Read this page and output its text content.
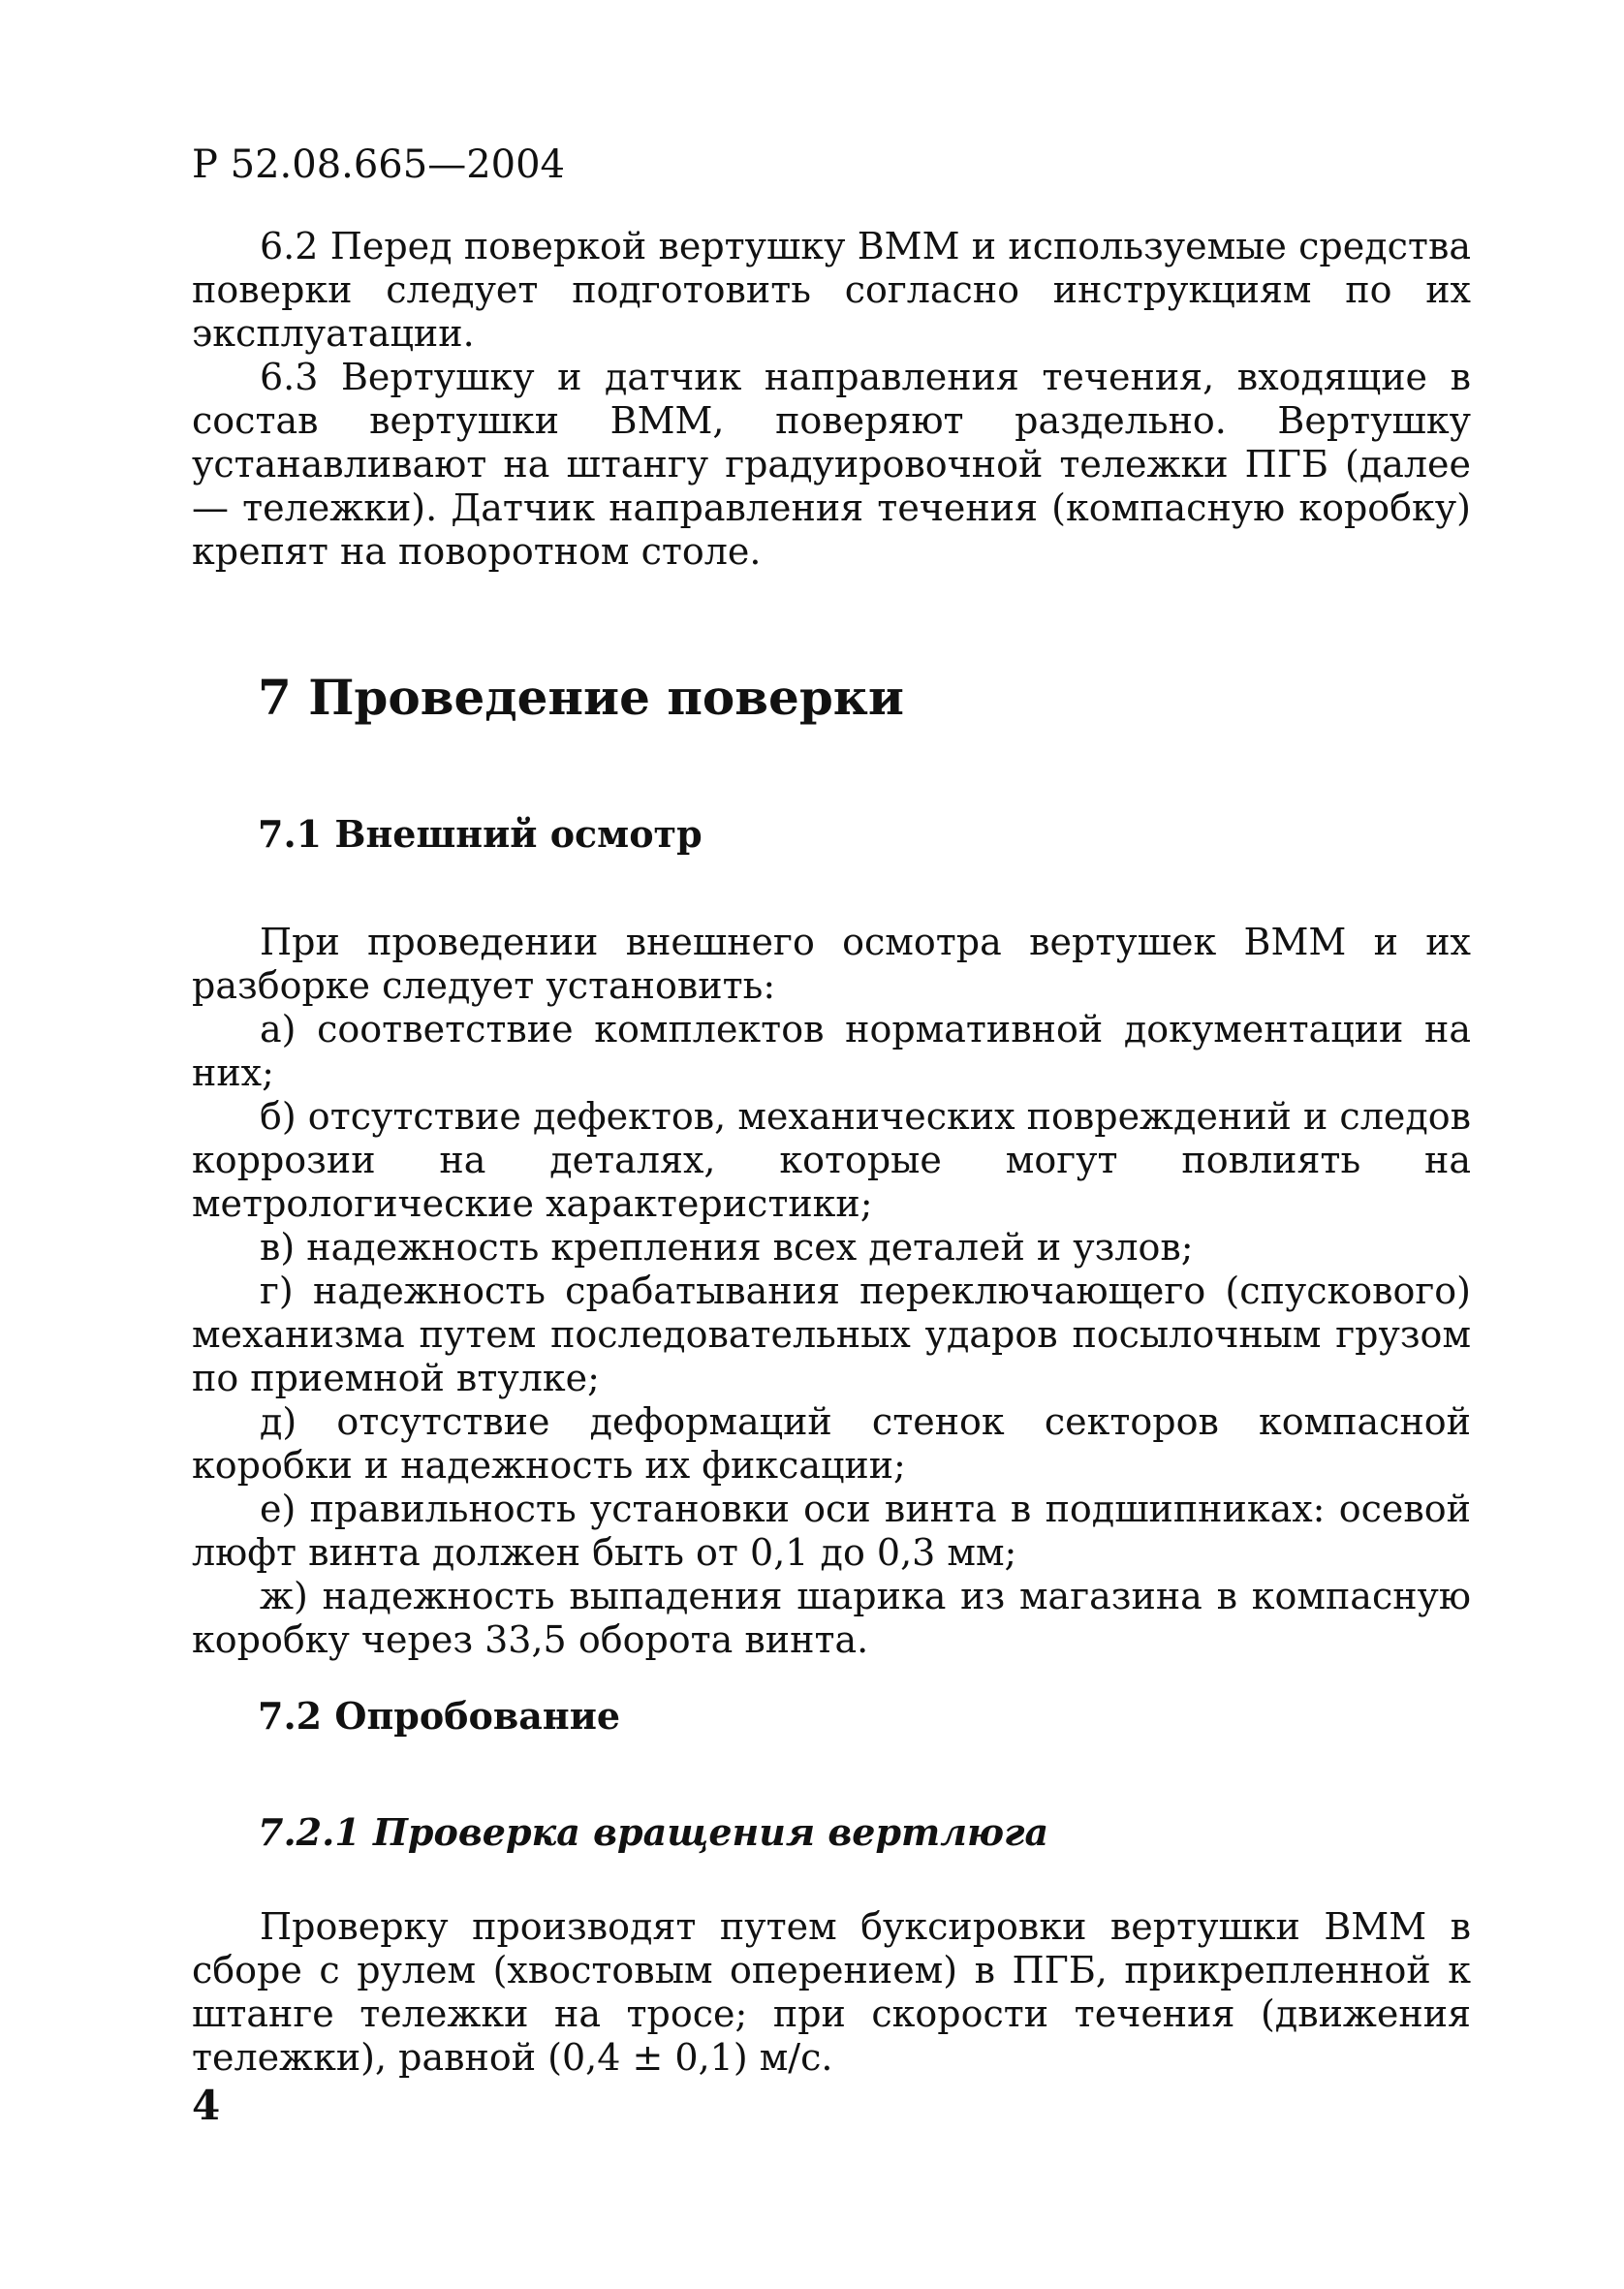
Р 52.08.665—2004

6.2 Перед поверкой вертушку ВММ и используемые средства поверки следует подготовить согласно инструкциям по их эксплуатации.

6.3 Вертушку и датчик направления течения, входящие в состав вертушки ВММ, поверяют раздельно. Вертушку устанавливают на штангу градуировочной тележки ПГБ (далее — тележки). Датчик направления течения (компасную коробку) крепят на поворотном столе.

7 Проведение поверки
7.1 Внешний осмотр

При проведении внешнего осмотра вертушек ВММ и их разборке следует установить:

а) соответствие комплектов нормативной документации на них;

б) отсутствие дефектов, механических повреждений и следов коррозии на деталях, которые могут повлиять на метрологические характеристики;

в) надежность крепления всех деталей и узлов;

г) надежность срабатывания переключающего (спускового) механизма путем последовательных ударов посылочным грузом по приемной втулке;

д) отсутствие деформаций стенок секторов компасной коробки и надежность их фиксации;

е) правильность установки оси винта в подшипниках: осевой люфт винта должен быть от 0,1 до 0,3 мм;

ж) надежность выпадения шарика из магазина в компасную коробку через 33,5 оборота винта.

7.2 Опробование
7.2.1 Проверка вращения вертлюга

Проверку производят путем буксировки вертушки ВММ в сборе с рулем (хвостовым оперением) в ПГБ, прикрепленной к штанге тележки на тросе; при скорости течения (движения тележки), равной (0,4 ± 0,1) м/с.

4
